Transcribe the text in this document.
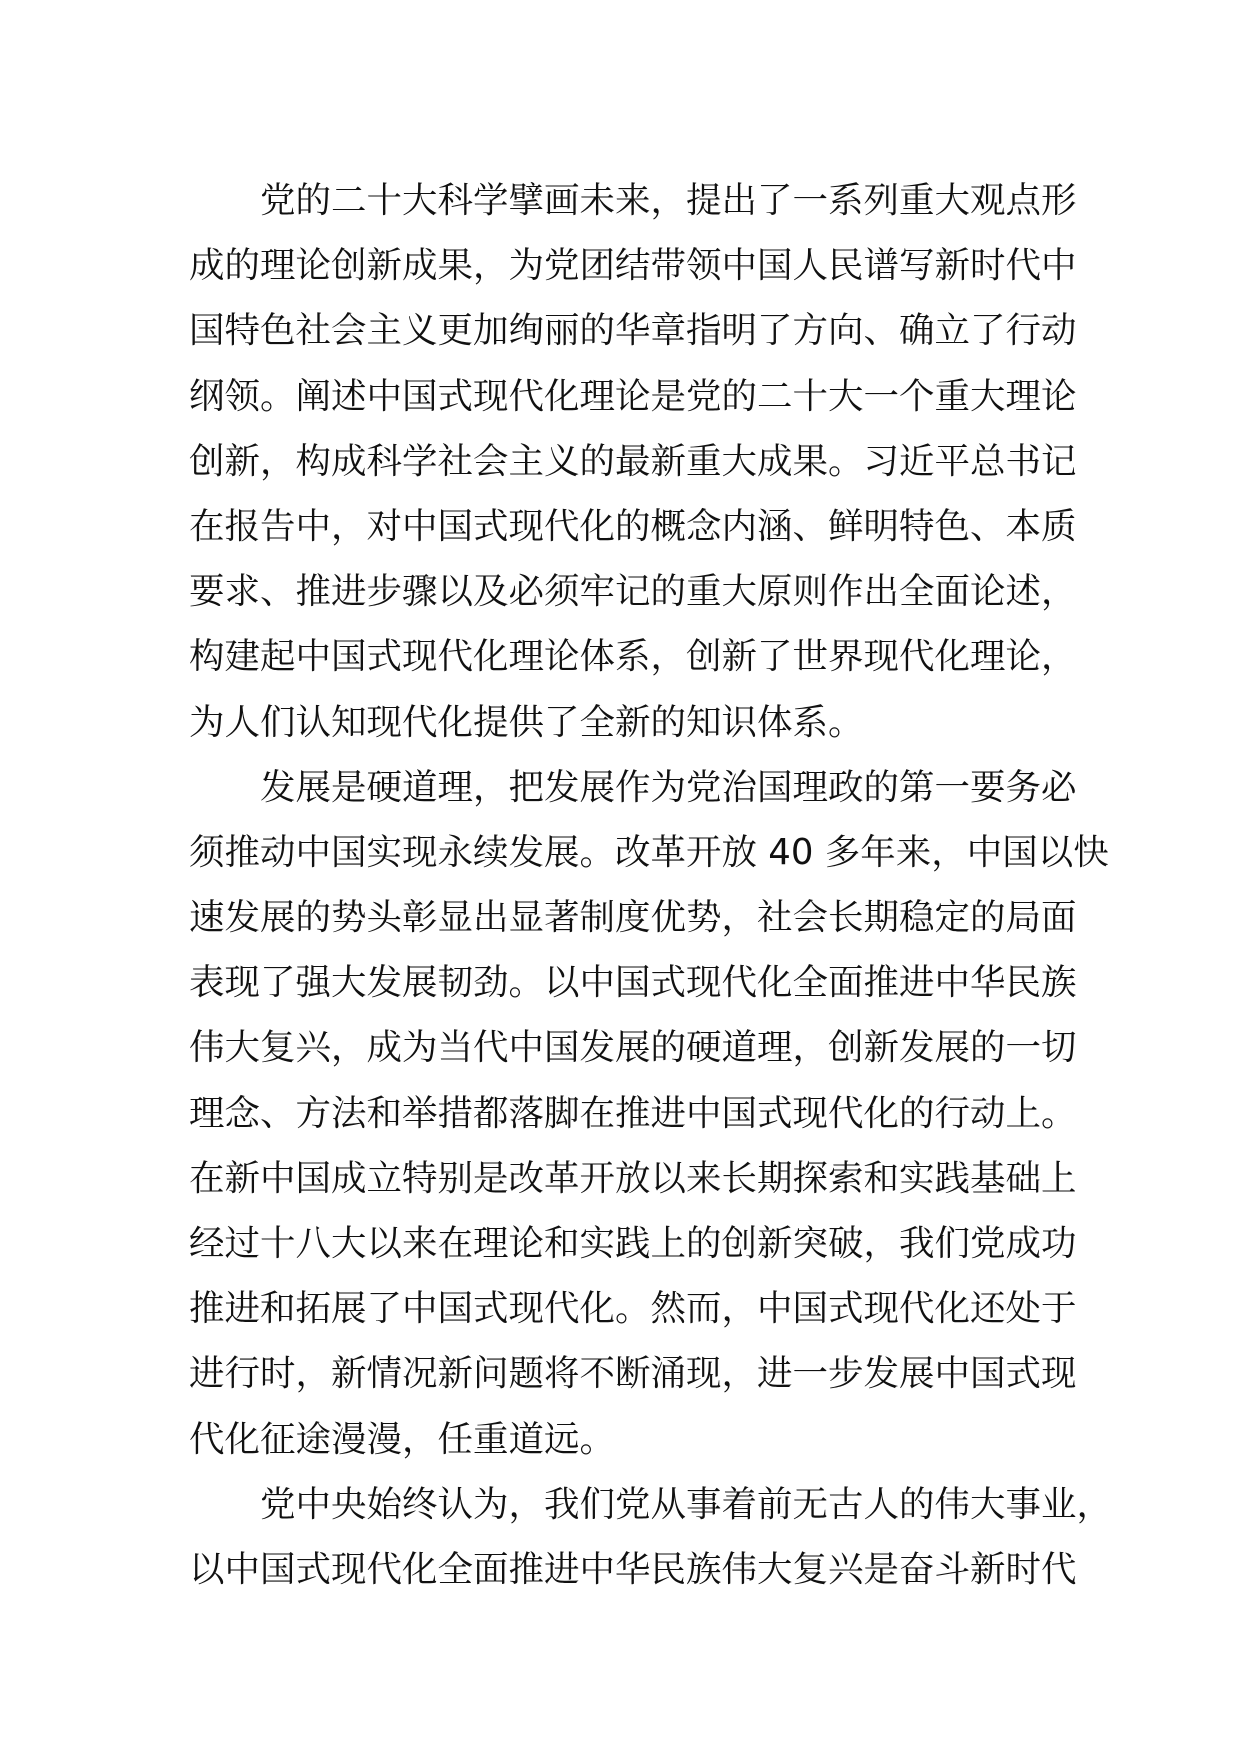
党的二十大科学擘画未来，提出了一系列重大观点形
成的理论创新成果，为党团结带领中国人民谱写新时代中
国特色社会主义更加绚丽的华章指明了方向、确立了行动
纲领。阐述中国式现代化理论是党的二十大一个重大理论
创新，构成科学社会主义的最新重大成果。习近平总书记
在报告中，对中国式现代化的概念内涵、鲜明特色、本质
要求、推进步骤以及必须牢记的重大原则作出全面论述，
构建起中国式现代化理论体系，创新了世界现代化理论，
为人们认知现代化提供了全新的知识体系。
发展是硬道理，把发展作为党治国理政的第一要务必
须推动中国实现永续发展。改革开放 40 多年来，中国以快
速发展的势头彰显出显著制度优势，社会长期稳定的局面
表现了强大发展韧劲。以中国式现代化全面推进中华民族
伟大复兴，成为当代中国发展的硬道理，创新发展的一切
理念、方法和举措都落脚在推进中国式现代化的行动上。
在新中国成立特别是改革开放以来长期探索和实践基础上
经过十八大以来在理论和实践上的创新突破，我们党成功
推进和拓展了中国式现代化。然而，中国式现代化还处于
进行时，新情况新问题将不断涌现，进一步发展中国式现
代化征途漫漫，任重道远。
党中央始终认为，我们党从事着前无古人的伟大事业，
以中国式现代化全面推进中华民族伟大复兴是奋斗新时代
